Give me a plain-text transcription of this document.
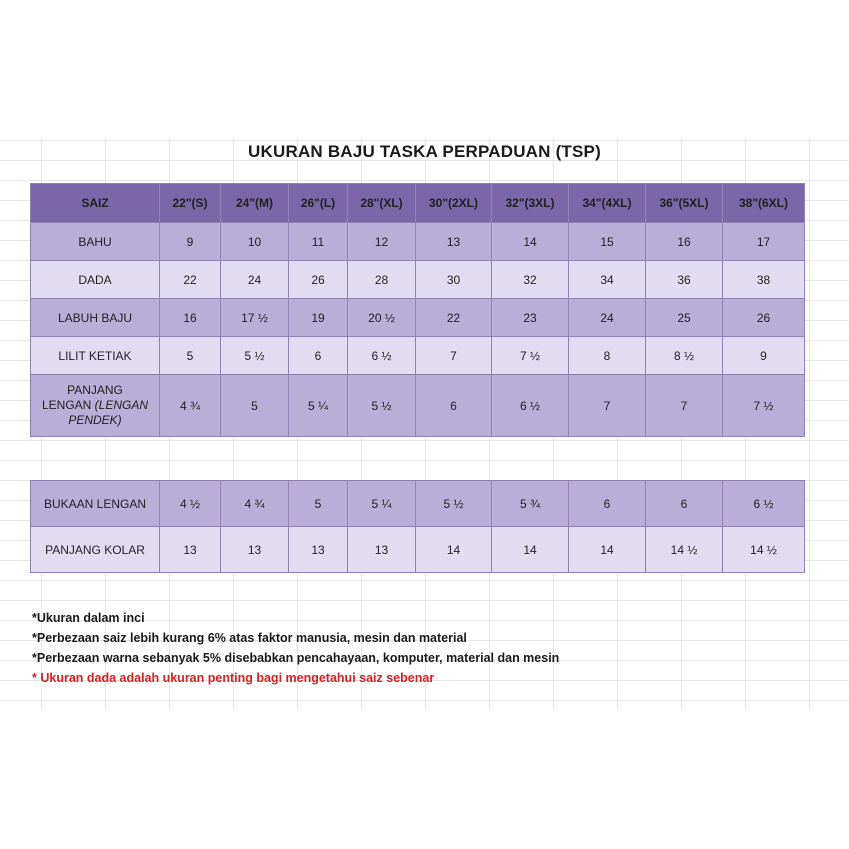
UKURAN BAJU TASKA PERPADUAN (TSP)
SAIZ	22"(S)	24"(M)	26"(L)	28"(XL)	30"(2XL)	32"(3XL)	34"(4XL)	36"(5XL)	38"(6XL)
BAHU	9	10	11	12	13	14	15	16	17
DADA	22	24	26	28	30	32	34	36	38
LABUH BAJU	16	17 ½	19	20 ½	22	23	24	25	26
LILIT KETIAK	5	5 ½	6	6 ½	7	7 ½	8	8 ½	9
PANJANG
LENGAN (LENGAN
PENDEK)	4 ¾	5	5 ¼	5 ½	6	6 ½	7	7	7 ½
BUKAAN LENGAN	4 ½	4 ¾	5	5 ¼	5 ½	5 ¾	6	6	6 ½
PANJANG KOLAR	13	13	13	13	14	14	14	14 ½	14 ½
*Ukuran dalam inci
*Perbezaan saiz lebih kurang 6% atas faktor manusia, mesin dan material
*Perbezaan warna sebanyak 5% disebabkan pencahayaan, komputer, material dan mesin
* Ukuran dada adalah ukuran penting bagi mengetahui saiz sebenar
